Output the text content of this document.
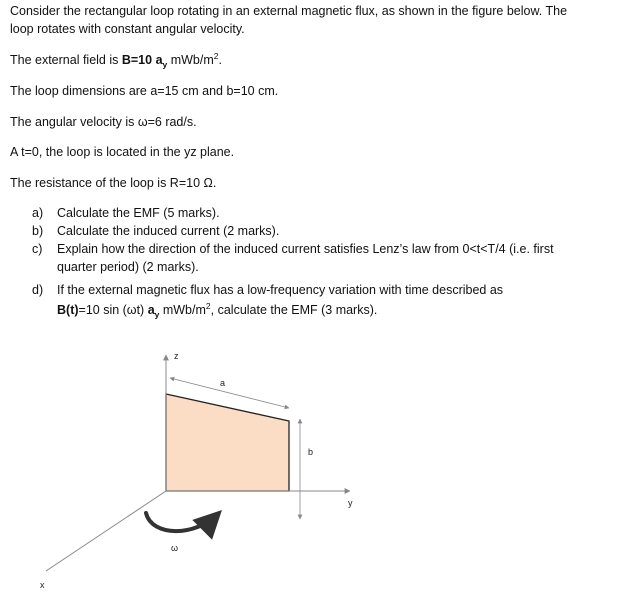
Consider the rectangular loop rotating in an external magnetic flux, as shown in the figure below. The
loop rotates with constant angular velocity.
The external field is B=10 $a_y$ mWb/$m^2$.
The loop dimensions are a=15 cm and b=10 cm.
The angular velocity is ω=6 rad/s.
A t=0, the loop is located in the yz plane.
The resistance of the loop is R=10 Ω.
a) Calculate the EMF (5 marks).
b) Calculate the induced current (2 marks).
c) Explain how the direction of the induced current satisfies Lenz’s law from 0<t<T/4 (i.e. first
quarter period) (2 marks).
d) If the external magnetic flux has a low-frequency variation with time described as
B(t)=10 sin (ωt) $a_y$ mWb/$m^2$, calculate the EMF (3 marks).
z
a
b
y
ω
x
